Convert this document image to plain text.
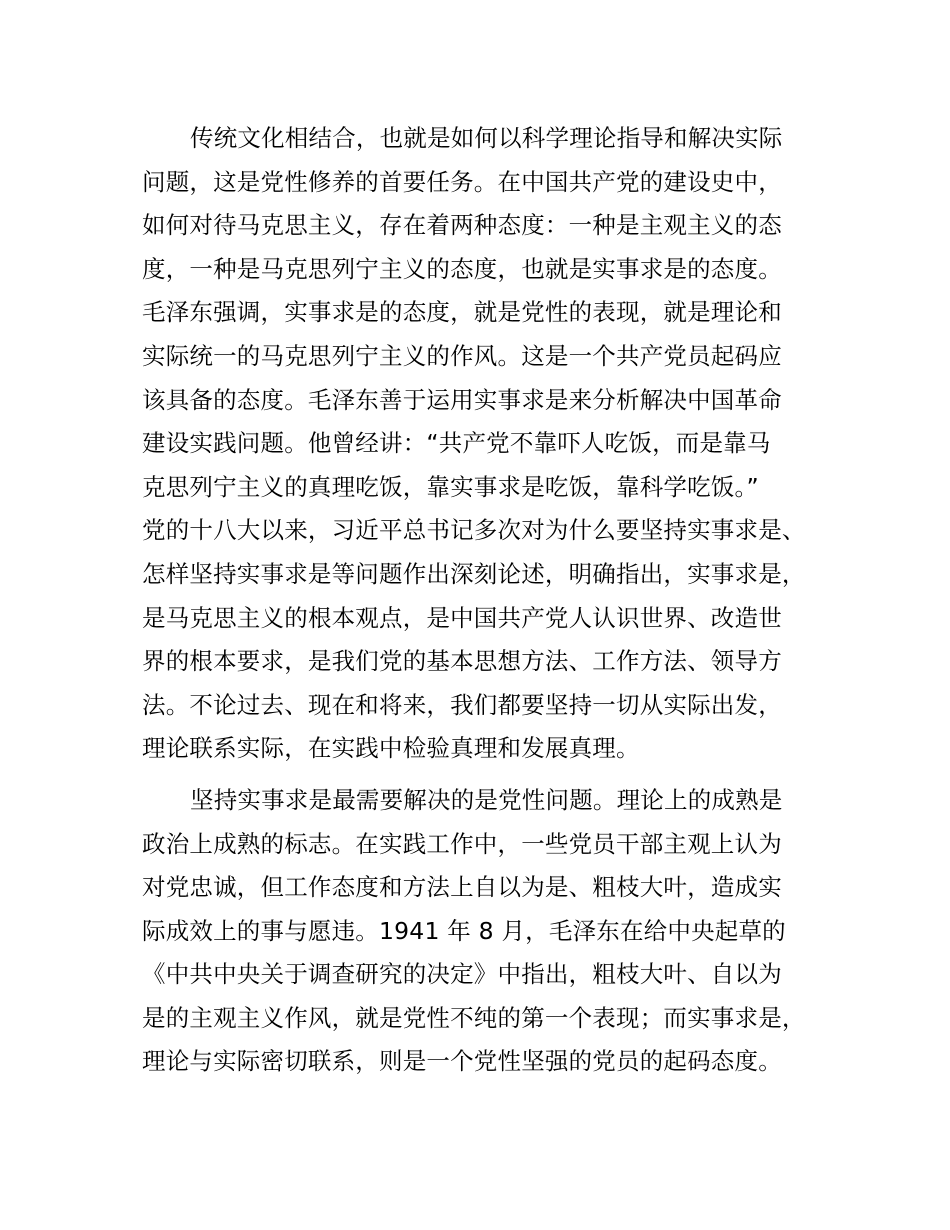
传统文化相结合，也就是如何以科学理论指导和解决实际
问题，这是党性修养的首要任务。在中国共产党的建设史中，
如何对待马克思主义，存在着两种态度：一种是主观主义的态
度，一种是马克思列宁主义的态度，也就是实事求是的态度。
毛泽东强调，实事求是的态度，就是党性的表现，就是理论和
实际统一的马克思列宁主义的作风。这是一个共产党员起码应
该具备的态度。毛泽东善于运用实事求是来分析解决中国革命
建设实践问题。他曾经讲：“共产党不靠吓人吃饭，而是靠马
克思列宁主义的真理吃饭，靠实事求是吃饭，靠科学吃饭。”
党的十八大以来，习近平总书记多次对为什么要坚持实事求是、
怎样坚持实事求是等问题作出深刻论述，明确指出，实事求是，
是马克思主义的根本观点，是中国共产党人认识世界、改造世
界的根本要求，是我们党的基本思想方法、工作方法、领导方
法。不论过去、现在和将来，我们都要坚持一切从实际出发，
理论联系实际，在实践中检验真理和发展真理。
坚持实事求是最需要解决的是党性问题。理论上的成熟是
政治上成熟的标志。在实践工作中，一些党员干部主观上认为
对党忠诚，但工作态度和方法上自以为是、粗枝大叶，造成实
际成效上的事与愿违。1941 年 8 月，毛泽东在给中央起草的
《中共中央关于调查研究的决定》中指出，粗枝大叶、自以为
是的主观主义作风，就是党性不纯的第一个表现；而实事求是，
理论与实际密切联系，则是一个党性坚强的党员的起码态度。
